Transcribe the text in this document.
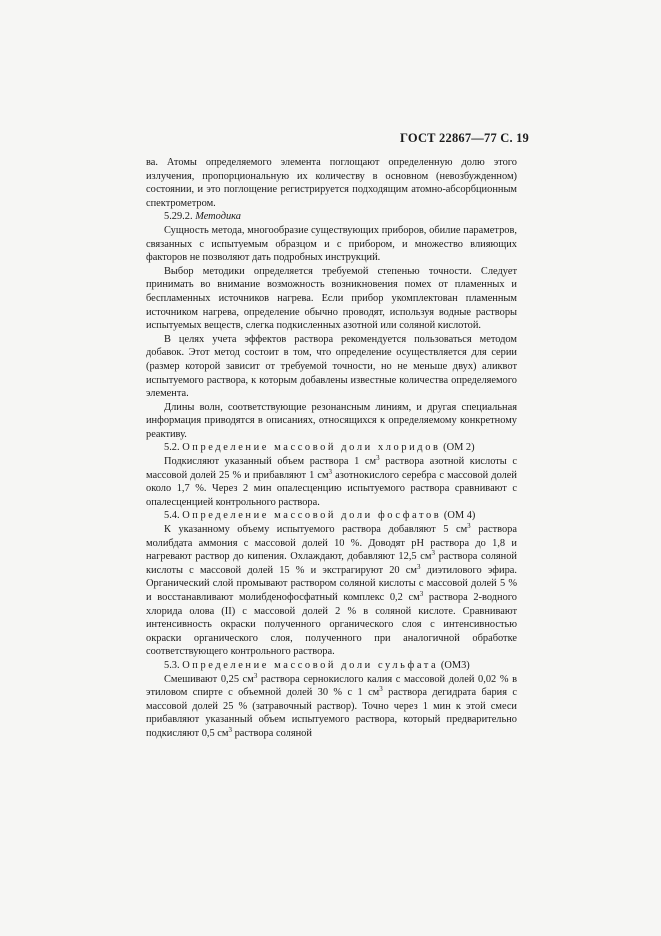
ГОСТ 22867—77 С. 19

ва. Атомы определяемого элемента поглощают определенную долю этого излучения, пропорциональную их количеству в основном (невозбужденном) состоянии, и это поглощение регистрируется подходящим атомно-абсорбционным спектрометром.

5.29.2. Методика

Сущность метода, многообразие существующих приборов, обилие параметров, связанных с испытуемым образцом и с прибором, и множество влияющих факторов не позволяют дать подробных инструкций.

Выбор методики определяется требуемой степенью точности. Следует принимать во внимание возможность возникновения помех от пламенных и беспламенных источников нагрева. Если прибор укомплектован пламенным источником нагрева, определение обычно проводят, используя водные растворы испытуемых веществ, слегка подкисленных азотной или соляной кислотой.

В целях учета эффектов раствора рекомендуется пользоваться методом добавок. Этот метод состоит в том, что определение осуществляется для серии (размер которой зависит от требуемой точности, но не меньше двух) аликвот испытуемого раствора, к которым добавлены известные количества определяемого элемента.

Длины волн, соответствующие резонансным линиям, и другая специальная информация приводятся в описаниях, относящихся к определяемому конкретному реактиву.

5.2. Определение массовой доли хлоридов (ОМ 2)

Подкисляют указанный объем раствора 1 $см^3$ раствора азотной кислоты с массовой долей 25 % и прибавляют 1 $см^3$ азотнокислого серебра с массовой долей около 1,7 %. Через 2 мин опалесценцию испытуемого раствора сравнивают с опалесценцией контрольного раствора.

5.4. Определение массовой доли фосфатов (ОМ 4)

К указанному объему испытуемого раствора добавляют 5 $см^3$ раствора молибдата аммония с массовой долей 10 %. Доводят pH раствора до 1,8 и нагревают раствор до кипения. Охлаждают, добавляют 12,5 $см^3$ раствора соляной кислоты с массовой долей 15 % и экстрагируют 20 $см^3$ диэтилового эфира. Органический слой промывают раствором соляной кислоты с массовой долей 5 % и восстанавливают молибденофосфатный комплекс 0,2 $см^3$ раствора 2-водного хлорида олова (II) с массовой долей 2 % в соляной кислоте. Сравнивают интенсивность окраски полученного органического слоя с интенсивностью окраски органического слоя, полученного при аналогичной обработке соответствующего контрольного раствора.

5.3. Определение массовой доли сульфата (ОМ3)

Смешивают 0,25 $см^3$ раствора сернокислого калия с массовой долей 0,02 % в этиловом спирте с объемной долей 30 % с 1 $см^3$ раствора дегидрата бария с массовой долей 25 % (затравочный раствор). Точно через 1 мин к этой смеси прибавляют указанный объем испытуемого раствора, который предварительно подкисляют 0,5 $см^3$ раствора соляной
